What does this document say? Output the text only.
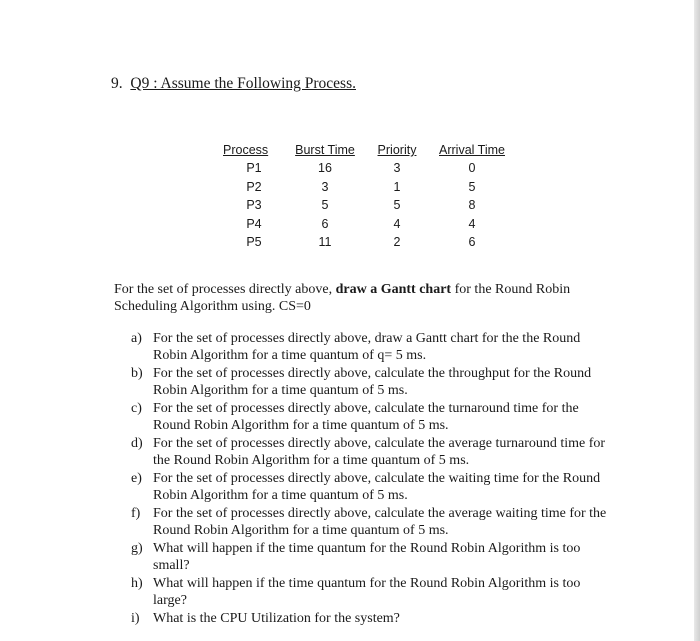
9. Q9 : Assume the Following Process.
Process	Burst Time	Priority	Arrival Time
P1	16	3	0
P2	3	1	5
P3	5	5	8
P4	6	4	4
P5	11	2	6
For the set of processes directly above, draw a Gantt chart for the Round Robin Scheduling Algorithm using. CS=0
a) For the set of processes directly above, draw a Gantt chart for the the Round Robin Algorithm for a time quantum of q= 5 ms.
b) For the set of processes directly above, calculate the throughput for the Round Robin Algorithm for a time quantum of 5 ms.
c) For the set of processes directly above, calculate the turnaround time for the Round Robin Algorithm for a time quantum of 5 ms.
d) For the set of processes directly above, calculate the average turnaround time for the Round Robin Algorithm for a time quantum of 5 ms.
e) For the set of processes directly above, calculate the waiting time for the Round Robin Algorithm for a time quantum of 5 ms.
f) For the set of processes directly above, calculate the average waiting time for the Round Robin Algorithm for a time quantum of 5 ms.
g) What will happen if the time quantum for the Round Robin Algorithm is too small?
h) What will happen if the time quantum for the Round Robin Algorithm is too large?
i) What is the CPU Utilization for the system?
